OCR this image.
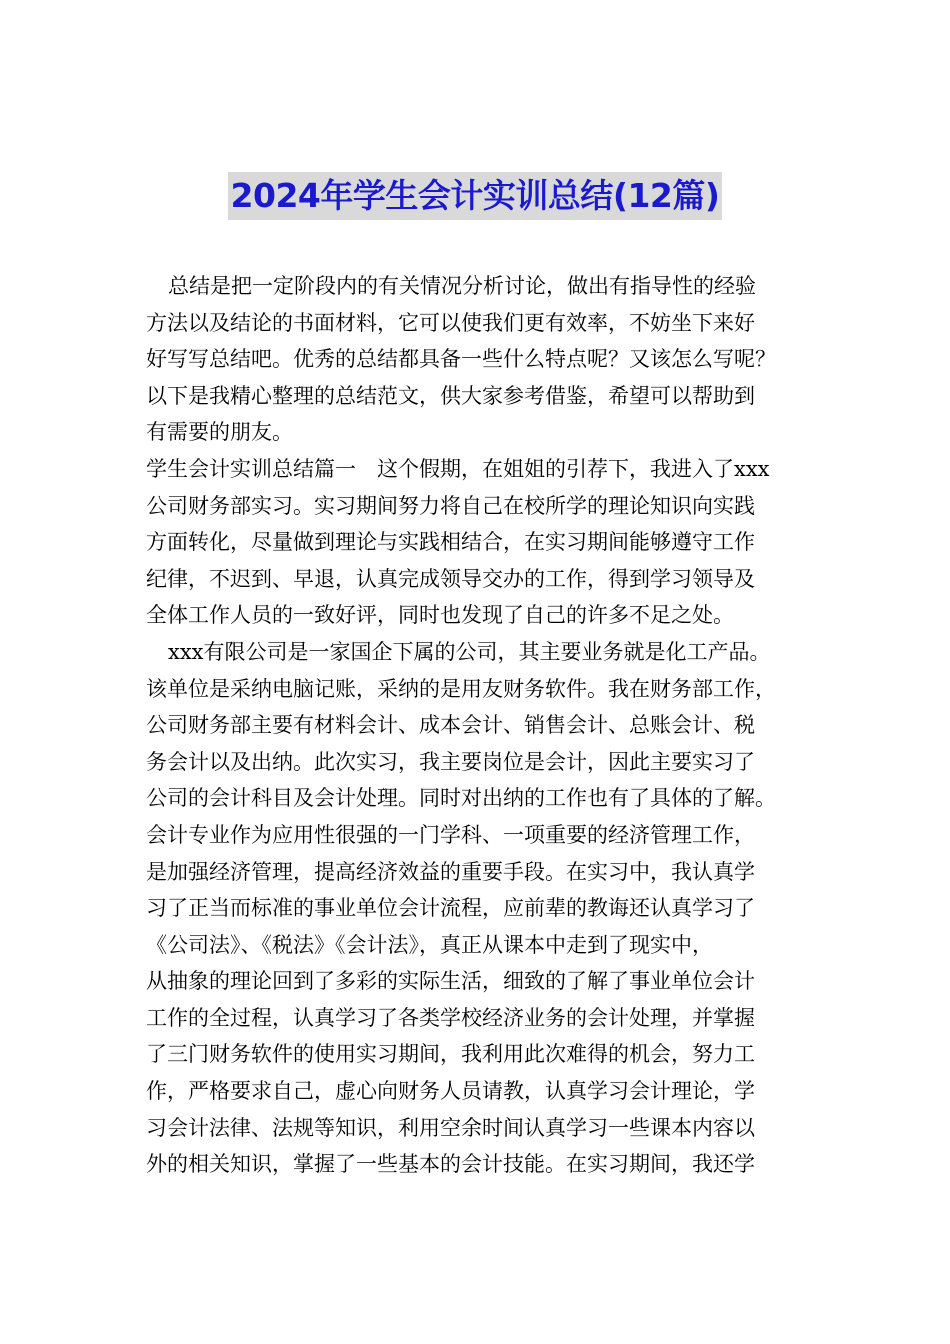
2024年学生会计实训总结(12篇)
总结是把一定阶段内的有关情况分析讨论，做出有指导性的经验
方法以及结论的书面材料，它可以使我们更有效率，不妨坐下来好
好写写总结吧。优秀的总结都具备一些什么特点呢？又该怎么写呢？
以下是我精心整理的总结范文，供大家参考借鉴，希望可以帮助到
有需要的朋友。
学生会计实训总结篇一　这个假期，在姐姐的引荐下，我进入了xxx
公司财务部实习。实习期间努力将自己在校所学的理论知识向实践
方面转化，尽量做到理论与实践相结合，在实习期间能够遵守工作
纪律，不迟到、早退，认真完成领导交办的工作，得到学习领导及
全体工作人员的一致好评，同时也发现了自己的许多不足之处。
xxx有限公司是一家国企下属的公司，其主要业务就是化工产品。
该单位是采纳电脑记账，采纳的是用友财务软件。我在财务部工作，
公司财务部主要有材料会计、成本会计、销售会计、总账会计、税
务会计以及出纳。此次实习，我主要岗位是会计，因此主要实习了
公司的会计科目及会计处理。同时对出纳的工作也有了具体的了解。
会计专业作为应用性很强的一门学科、一项重要的经济管理工作，
是加强经济管理，提高经济效益的重要手段。在实习中，我认真学
习了正当而标准的事业单位会计流程，应前辈的教诲还认真学习了
《公司法》、《税法》《会计法》，真正从课本中走到了现实中，
从抽象的理论回到了多彩的实际生活，细致的了解了事业单位会计
工作的全过程，认真学习了各类学校经济业务的会计处理，并掌握
了三门财务软件的使用实习期间，我利用此次难得的机会，努力工
作，严格要求自己，虚心向财务人员请教，认真学习会计理论，学
习会计法律、法规等知识，利用空余时间认真学习一些课本内容以
外的相关知识，掌握了一些基本的会计技能。在实习期间，我还学
